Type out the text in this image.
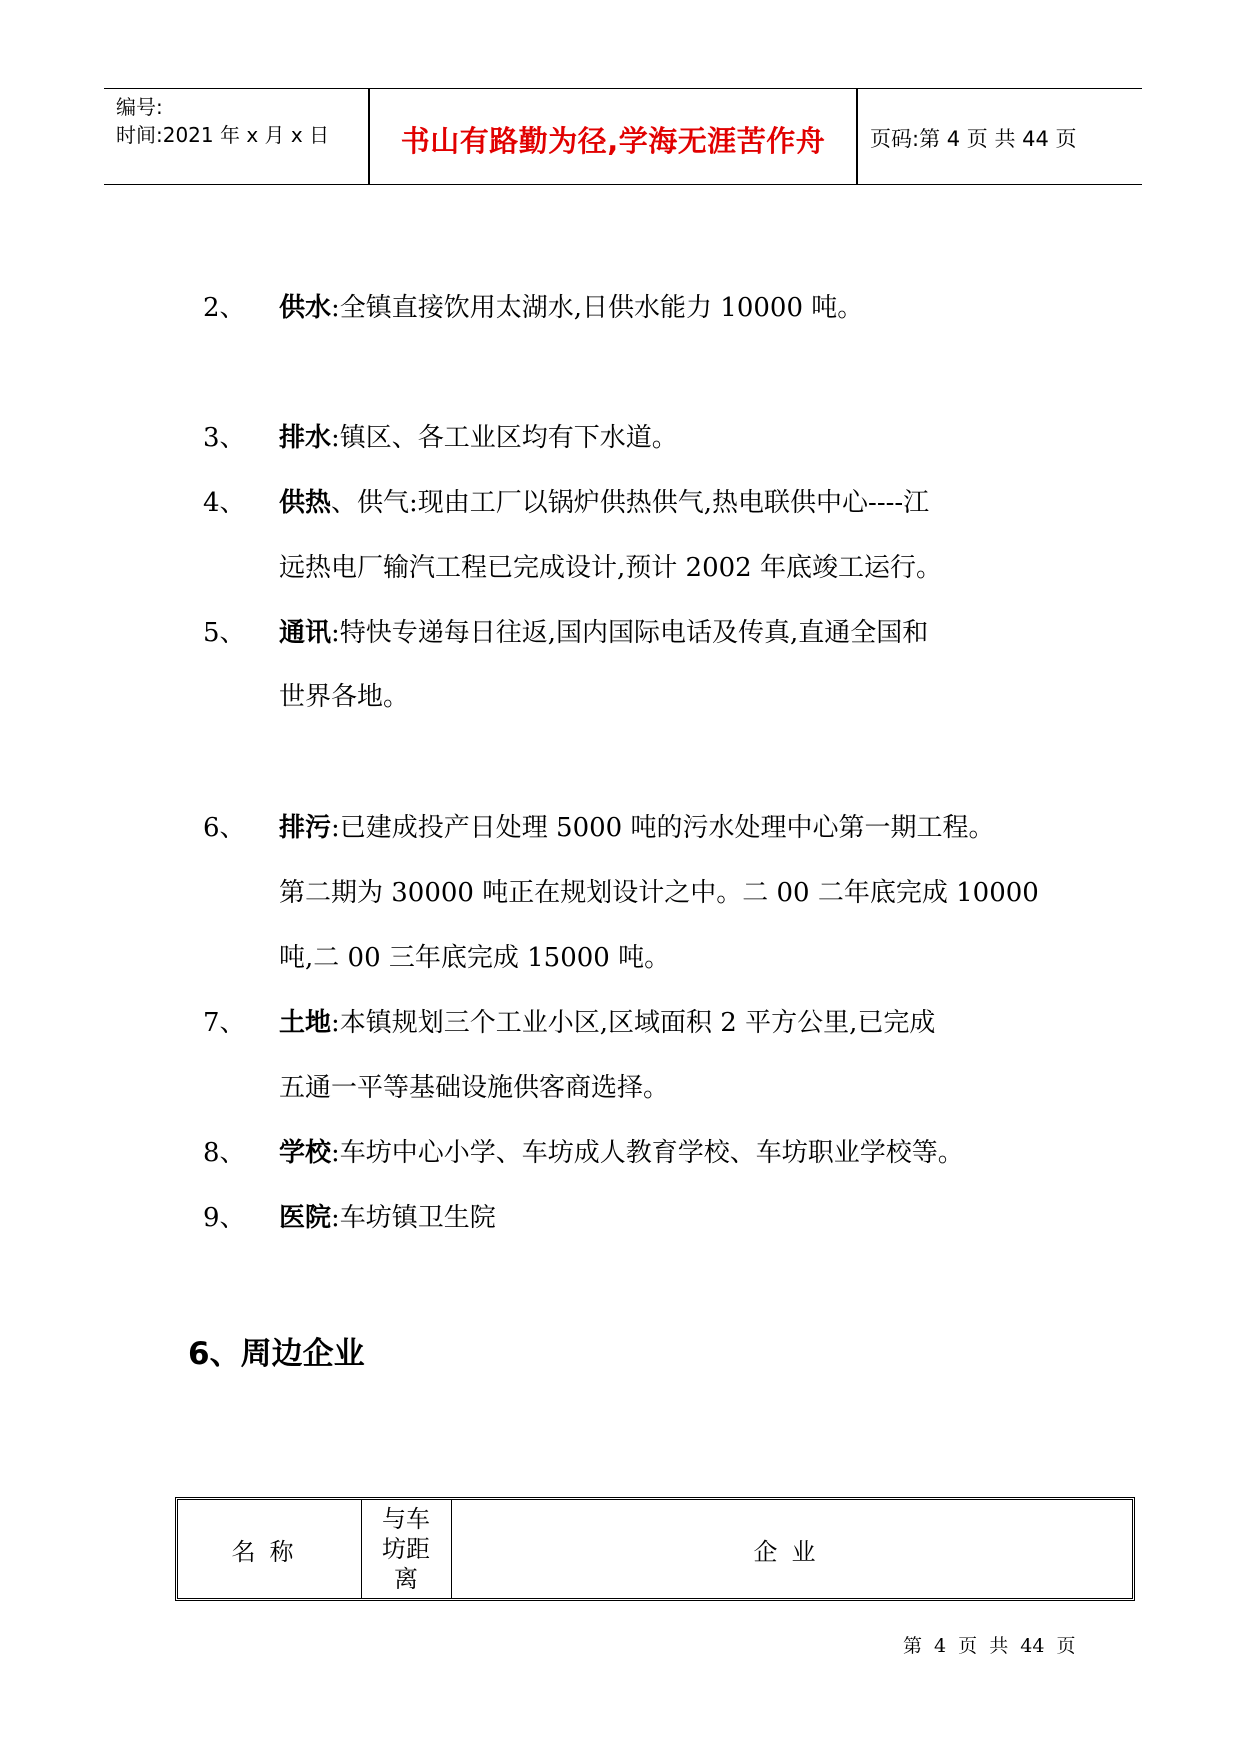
编号:
时间:2021 年 x 月 x 日	书山有路勤为径,学海无涯苦作舟	页码:第 4 页 共 44 页
2、 供水:全镇直接饮用太湖水,日供水能力 10000 吨。
3、 排水:镇区、各工业区均有下水道。
4、 供热、供气:现由工厂以锅炉供热供气,热电联供中心----江
远热电厂输汽工程已完成设计,预计 2002 年底竣工运行。
5、 通讯:特快专递每日往返,国内国际电话及传真,直通全国和
世界各地。
6、 排污:已建成投产日处理 5000 吨的污水处理中心第一期工程。
第二期为 30000 吨正在规划设计之中。二 00 二年底完成 10000
吨,二 00 三年底完成 15000 吨。
7、 土地:本镇规划三个工业小区,区域面积 2 平方公里,已完成
五通一平等基础设施供客商选择。
8、 学校:车坊中心小学、车坊成人教育学校、车坊职业学校等。
9、 医院:车坊镇卫生院
6、周边企业
名称
与车
坊距
离
企业
第 4 页 共 44 页
